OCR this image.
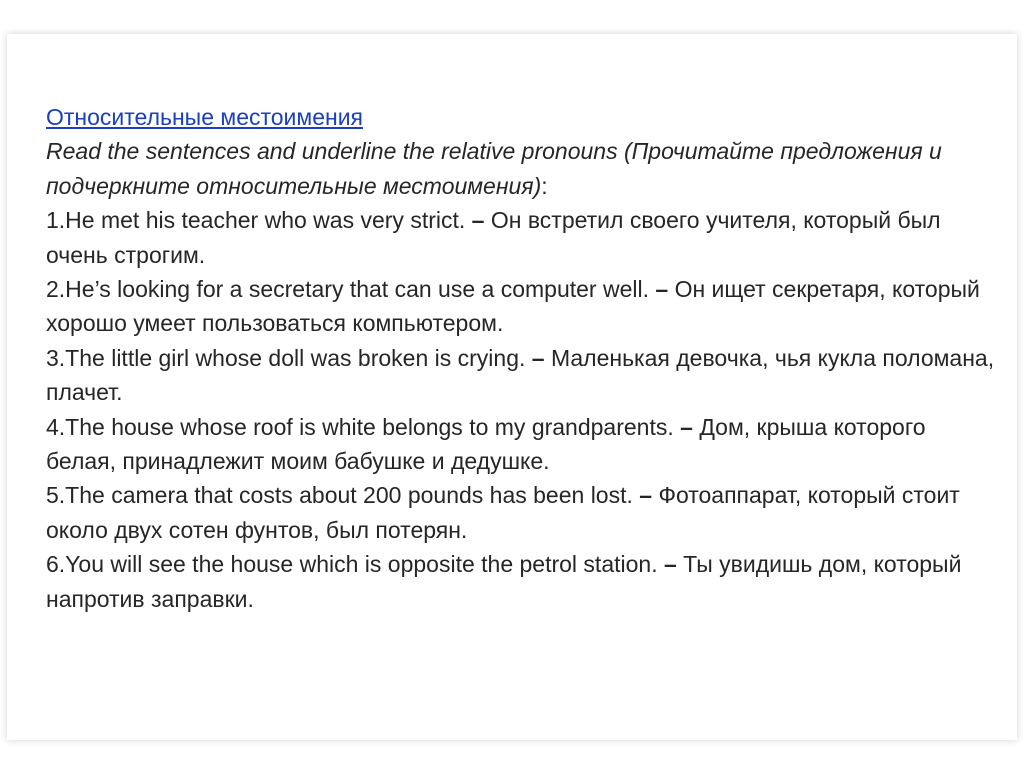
Относительные местоимения
Read the sentences and underline the relative pronouns (Прочитайте предложения и подчеркните относительные местоимения):
1.He met his teacher who was very strict. – Он встретил своего учителя, который был очень строгим.
2.He’s looking for a secretary that can use a computer well. – Он ищет секретаря, который хорошо умеет пользоваться компьютером.
3.The little girl whose doll was broken is crying. – Маленькая девочка, чья кукла поломана, плачет.
4.The house whose roof is white belongs to my grandparents. – Дом, крыша которого белая, принадлежит моим бабушке и дедушке.
5.The camera that costs about 200 pounds has been lost. – Фотоаппарат, который стоит около двух сотен фунтов, был потерян.
6.You will see the house which is opposite the petrol station. – Ты увидишь дом, который напротив заправки.
